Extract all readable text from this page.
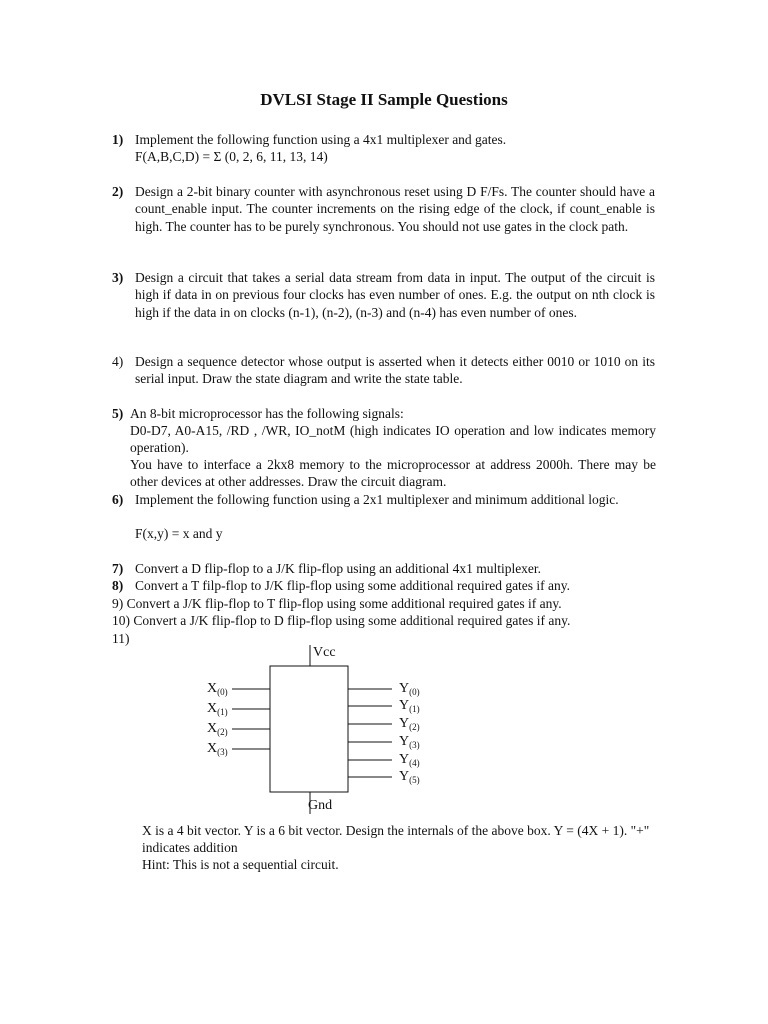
DVLSI Stage II Sample Questions
1) Implement the following function using a 4x1 multiplexer and gates.
F(A,B,C,D) = Σ (0, 2, 6, 11, 13, 14)
2) Design a 2-bit binary counter with asynchronous reset using D F/Fs. The counter should have a count_enable input. The counter increments on the rising edge of the clock, if count_enable is high. The counter has to be purely synchronous. You should not use gates in the clock path.
3) Design a circuit that takes a serial data stream from data in input. The output of the circuit is high if data in on previous four clocks has even number of ones. E.g. the output on nth clock is high if the data in on clocks (n-1), (n-2), (n-3) and (n-4) has even number of ones.
4) Design a sequence detector whose output is asserted when it detects either 0010 or 1010 on its serial input. Draw the state diagram and write the state table.
5) An 8-bit microprocessor has the following signals:
D0-D7, A0-A15, /RD , /WR, IO_notM (high indicates IO operation and low indicates memory operation).
You have to interface a 2kx8 memory to the microprocessor at address 2000h. There may be other devices at other addresses. Draw the circuit diagram.
6) Implement the following function using a 2x1 multiplexer and minimum additional logic.
F(x,y) = x and y
7) Convert a D flip-flop to a J/K flip-flop using an additional 4x1 multiplexer.
8) Convert a T filp-flop to J/K flip-flop using some additional required gates if any.
9) Convert a J/K flip-flop to T flip-flop using some additional required gates if any.
10) Convert a J/K flip-flop to D flip-flop using some additional required gates if any.
11)
Vcc
Gnd
$X_{(0)}$
$X_{(1)}$
$X_{(2)}$
$X_{(3)}$
$Y_{(0)}$
$Y_{(1)}$
$Y_{(2)}$
$Y_{(3)}$
$Y_{(4)}$
$Y_{(5)}$
X is a 4 bit vector. Y is a 6 bit vector. Design the internals of the above box. Y = (4X + 1). "+" indicates addition
Hint: This is not a sequential circuit.
